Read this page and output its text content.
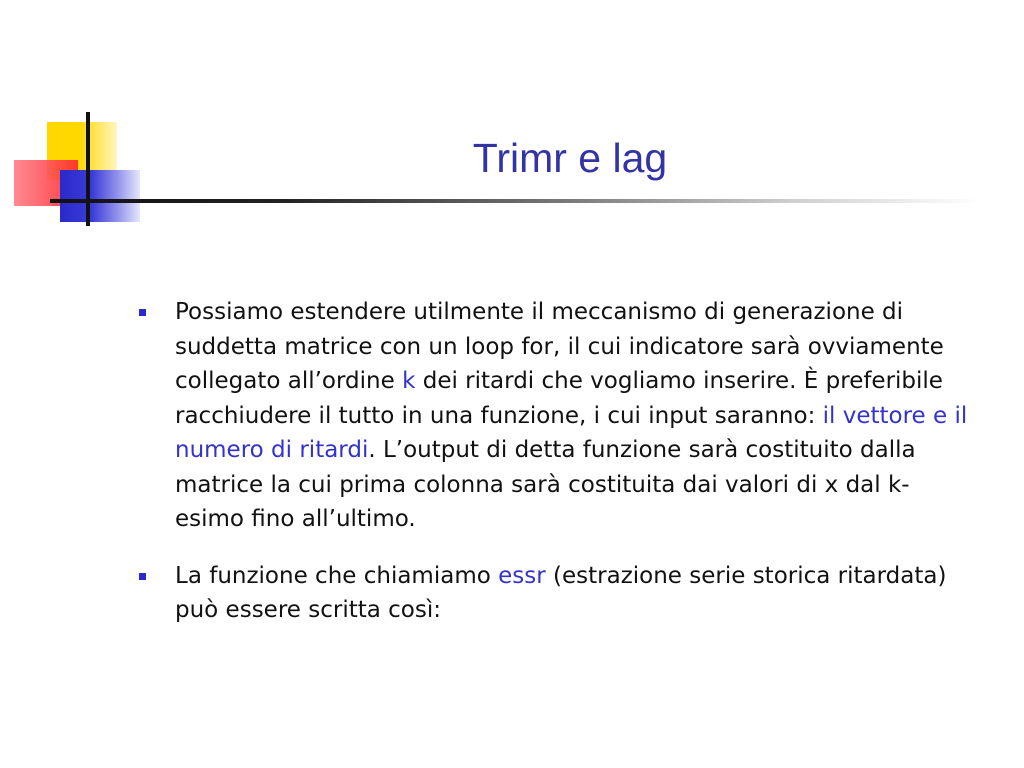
Trimr e lag
Possiamo estendere utilmente il meccanismo di generazione di suddetta matrice con un loop for, il cui indicatore sarà ovviamente collegato all’ordine k dei ritardi che vogliamo inserire. È preferibile racchiudere il tutto in una funzione, i cui input saranno: il vettore e il numero di ritardi. L’output di detta funzione sarà costituito dalla matrice la cui prima colonna sarà costituita dai valori di x dal k-esimo fino all’ultimo.
La funzione che chiamiamo essr (estrazione serie storica ritardata) può essere scritta così:
